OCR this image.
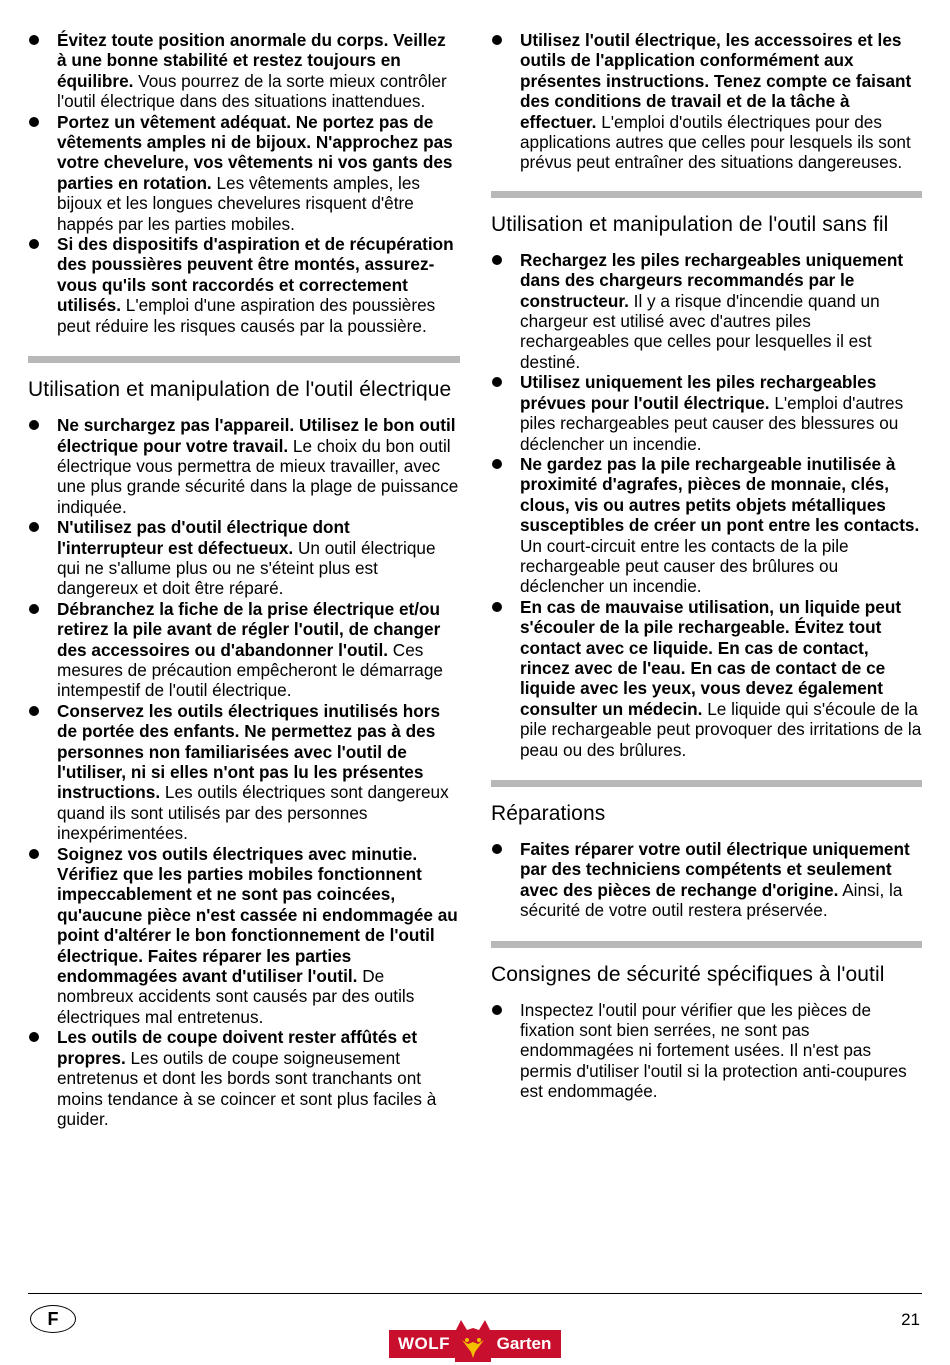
Évitez toute position anormale du corps. Veillez à une bonne stabilité et restez toujours en équilibre. Vous pourrez de la sorte mieux contrôler l'outil électrique dans des situations inattendues.
Portez un vêtement adéquat. Ne portez pas de vêtements amples ni de bijoux. N'approchez pas votre chevelure, vos vêtements ni vos gants des parties en rotation. Les vêtements amples, les bijoux et les longues chevelures risquent d'être happés par les parties mobiles.
Si des dispositifs d'aspiration et de récupération des poussières peuvent être montés, assurez-vous qu'ils sont raccordés et correctement utilisés. L'emploi d'une aspiration des poussières peut réduire les risques causés par la poussière.
Utilisation et manipulation de l'outil électrique
Ne surchargez pas l'appareil. Utilisez le bon outil électrique pour votre travail. Le choix du bon outil électrique vous permettra de mieux travailler, avec une plus grande sécurité dans la plage de puissance indiquée.
N'utilisez pas d'outil électrique dont l'interrupteur est défectueux. Un outil électrique qui ne s'allume plus ou ne s'éteint plus est dangereux et doit être réparé.
Débranchez la fiche de la prise électrique et/ou retirez la pile avant de régler l'outil, de changer des accessoires ou d'abandonner l'outil. Ces mesures de précaution empêcheront le démarrage intempestif de l'outil électrique.
Conservez les outils électriques inutilisés hors de portée des enfants. Ne permettez pas à des personnes non familiarisées avec l'outil de l'utiliser, ni si elles n'ont pas lu les présentes instructions. Les outils électriques sont dangereux quand ils sont utilisés par des personnes inexpérimentées.
Soignez vos outils électriques avec minutie. Vérifiez que les parties mobiles fonctionnent impeccablement et ne sont pas coincées, qu'aucune pièce n'est cassée ni endommagée au point d'altérer le bon fonctionnement de l'outil électrique. Faites réparer les parties endommagées avant d'utiliser l'outil. De nombreux accidents sont causés par des outils électriques mal entretenus.
Les outils de coupe doivent rester affûtés et propres. Les outils de coupe soigneusement entretenus et dont les bords sont tranchants ont moins tendance à se coincer et sont plus faciles à guider.
Utilisez l'outil électrique, les accessoires et les outils de l'application conformément aux présentes instructions. Tenez compte ce faisant des conditions de travail et de la tâche à effectuer. L'emploi d'outils électriques pour des applications autres que celles pour lesquels ils sont prévus peut entraîner des situations dangereuses.
Utilisation et manipulation de l'outil sans fil
Rechargez les piles rechargeables uniquement dans des chargeurs recommandés par le constructeur. Il y a risque d'incendie quand un chargeur est utilisé avec d'autres piles rechargeables que celles pour lesquelles il est destiné.
Utilisez uniquement les piles rechargeables prévues pour l'outil électrique. L'emploi d'autres piles rechargeables peut causer des blessures ou déclencher un incendie.
Ne gardez pas la pile rechargeable inutilisée à proximité d'agrafes, pièces de monnaie, clés, clous, vis ou autres petits objets métalliques susceptibles de créer un pont entre les contacts. Un court-circuit entre les contacts de la pile rechargeable peut causer des brûlures ou déclencher un incendie.
En cas de mauvaise utilisation, un liquide peut s'écouler de la pile rechargeable. Évitez tout contact avec ce liquide. En cas de contact, rincez avec de l'eau. En cas de contact de ce liquide avec les yeux, vous devez également consulter un médecin. Le liquide qui s'écoule de la pile rechargeable peut provoquer des irritations de la peau ou des brûlures.
Réparations
Faites réparer votre outil électrique uniquement par des techniciens compétents et seulement avec des pièces de rechange d'origine. Ainsi, la sécurité de votre outil restera préservée.
Consignes de sécurité spécifiques à l'outil
Inspectez l'outil pour vérifier que les pièces de fixation sont bien serrées, ne sont pas endommagées ni fortement usées. Il n'est pas permis d'utiliser l'outil si la protection anti-coupures est endommagée.
F	21
WOLF	Garten
